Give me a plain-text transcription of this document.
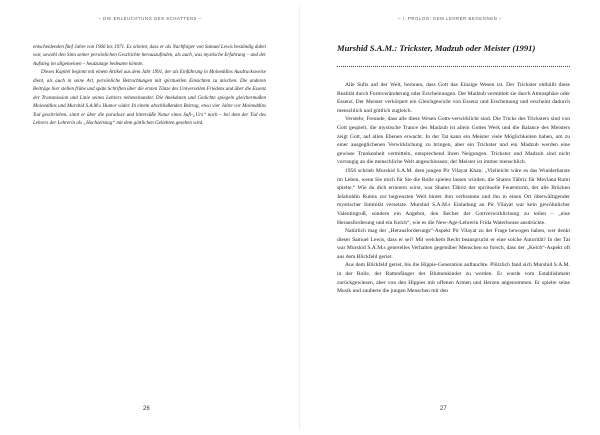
– DIE ERLEUCHTUNG DES SCHATTENS –

entscheidenden fünf Jahre von 1966 bis 1971. Es scheint, dass er als Nachfolger von Samuel Lewis beständig dabei war, sowohl den Sinn seiner persönlichen Geschichte herauszufinden, als auch, was mystische Erfahrung – und der Aufstieg im allgemeinen – heutzutage bedeuten könnte.

Dieses Kapitel beginnt mit einem Artikel aus dem Jahr 1991, der als Einführung in Moineddins Ausdrucksweise dient, als auch in seine Art, persönliche Betrachtungen mit spirituellen Einsichten zu mischen. Die anderen Beiträge hier stellen frühe und späte Schriften über die ersten Tänze des Universellen Friedens und über die Essenz der Transmission und Linie seines Lehrers nebeneinander. Die Anekdoten und Gedichte spiegeln gleichermaßen Moineddins und Murshid S.A.M.s Humor wider. In einem abschließenden Beitrag, etwa vier Jahre vor Moineddins Tod geschrieben, sinnt er über die paradoxe und bittersüße Natur eines Sufi-„Urs“ nach – bei dem der Tod des Lehrers der Lehrerin als „Hochzeitstag“ mit dem göttlichen Geliebten gesehen wird.

26
– I. PROLOG: DEM LEHRER BEGEGNEN –
Murshid S.A.M.: Trickster, Madzub oder Meister (1991)

Alle Sufis auf der Welt, beronen, dass Gott das Einzige Wesen ist. Der Trickster enthüllt diese Realität durch Formveränderung oder Erscheinungen. Der Madzub vermittelt sie durch Atmosphäre oder Essenz. Der Meister verkörpert ein Gleichgewicht von Essenz und Erscheinung und erscheint dadurch menschlich und göttlich zugleich.

Verstehr, Freunde, dass alle diese Wesen Gotts-verwirklicht sind. Die Tricks des Tricksters sind von Gott gespielt, die mystische Trance des Madzub ist allein Gottes Werk und die Balance des Meisters zeigt Gott, auf allen Ebenen erwacht. In der Tat kann ein Meister viele Möglichkeiten haben, um zu einer ausgeglichenen Verwirklichung zu bringen, aber ein Trickster und ein Madzub werden eine gewisse Trunkenheit vermitteln, entsprechend ihren Neigungen. Trickster und Madzub sind nicht vorrangig an die menschliche Welt angeschlossen; der Meister ist immer menschlich.

1956 schrieb Murshid S.A.M. dem jungen Pir Vilayat Khan: „Vielleicht wäre es das Wunderbarste im Leben, wenn Sie mich für Sie die Rolle spielen lassen würden, die Shams Täbriz für Mevlana Rumi spielte.“ Wie du dich erinnern wirst, war Shams Täbriz der spirituelle Feuersturm, der alle Brücken Jelaluddin Rumis zur begrenzten Welt hinter ihm verbrannte und ihn in einen Ort überwältigender mystischer Intimität versetzte. Murshid S.A.M.s Einladung an Pir Vilayat war kein gewöhnlicher Valentingruß, sondern ein Angebot, den Becher der Gottverwirklichung zu teilen – „eine Herausforderung und ein Kelch“, wie es die New-Age-Lehrerin Frida Waterhouse ausdrückte.

Natürlich mag der „Herausforderungs“-Aspekt Pir Vilayat zu der Frage bewogen haben, wer denkt dieser Samuel Lewis, dass er sei? Mit welchem Recht beansprucht er eine solche Autorität? In der Tat war Murshid S.A.M.s generelles Verhalten gegenüber Menschen so forsch, dass der „Kelch“-Aspekt oft aus dem Blickfeld geriet.

Aus dem Blickfeld geriet, bis die Hippie-Generation auftauchte. Plötzlich fand sich Murshid S.A.M. in der Rolle, der Rattenfänger der Blumenkinder zu werden. Er wurde vom Establishment zurückgewiesen, aber von den Hippies mit offenen Armen und Herzen angenommen. Er spielte seine Musik und zauberte die jungen Menschen mit den

27
